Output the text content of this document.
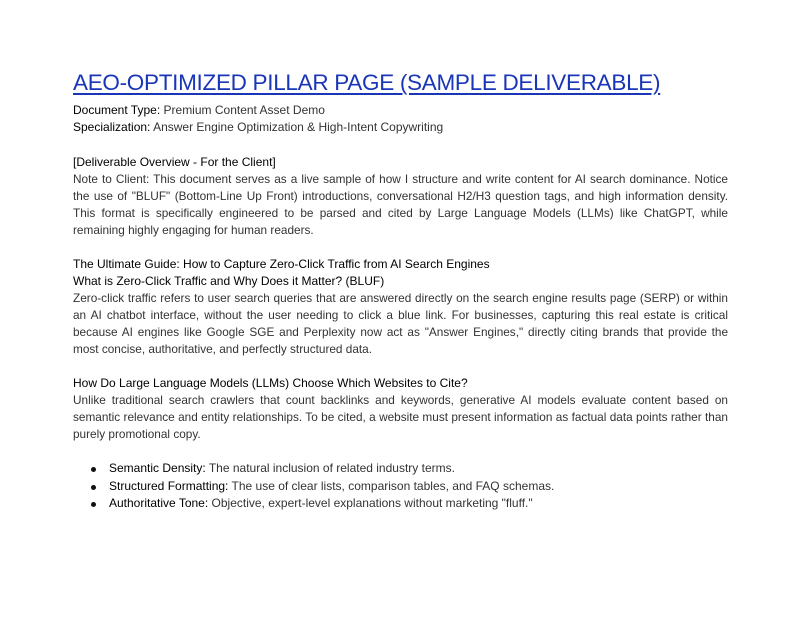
AEO-OPTIMIZED PILLAR PAGE (SAMPLE DELIVERABLE)

Document Type: Premium Content Asset Demo

Specialization: Answer Engine Optimization & High-Intent Copywriting

[Deliverable Overview - For the Client]

Note to Client: This document serves as a live sample of how I structure and write content for AI search dominance. Notice the use of "BLUF" (Bottom-Line Up Front) introductions, conversational H2/H3 question tags, and high information density. This format is specifically engineered to be parsed and cited by Large Language Models (LLMs) like ChatGPT, while remaining highly engaging for human readers.

The Ultimate Guide: How to Capture Zero-Click Traffic from AI Search Engines

What is Zero-Click Traffic and Why Does it Matter? (BLUF)

Zero-click traffic refers to user search queries that are answered directly on the search engine results page (SERP) or within an AI chatbot interface, without the user needing to click a blue link. For businesses, capturing this real estate is critical because AI engines like Google SGE and Perplexity now act as "Answer Engines," directly citing brands that provide the most concise, authoritative, and perfectly structured data.

How Do Large Language Models (LLMs) Choose Which Websites to Cite?

Unlike traditional search crawlers that count backlinks and keywords, generative AI models evaluate content based on semantic relevance and entity relationships. To be cited, a website must present information as factual data points rather than purely promotional copy.

Semantic Density: The natural inclusion of related industry terms.
Structured Formatting: The use of clear lists, comparison tables, and FAQ schemas.
Authoritative Tone: Objective, expert-level explanations without marketing "fluff."
